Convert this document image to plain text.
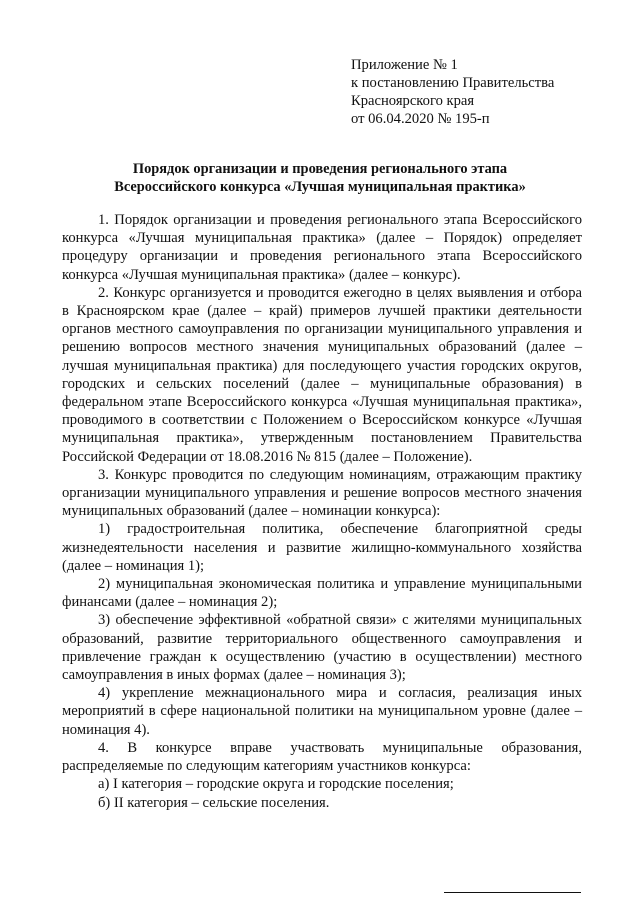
Приложение № 1
к постановлению Правительства
Красноярского края
от 06.04.2020 № 195-п
Порядок организации и проведения регионального этапа
Всероссийского конкурса «Лучшая муниципальная практика»

1. Порядок организации и проведения регионального этапа Всероссийского конкурса «Лучшая муниципальная практика» (далее – Порядок) определяет процедуру организации и проведения регионального этапа Всероссийского конкурса «Лучшая муниципальная практика» (далее – конкурс).

2. Конкурс организуется и проводится ежегодно в целях выявления и отбора в Красноярском крае (далее – край) примеров лучшей практики деятельности органов местного самоуправления по организации муниципального управления и решению вопросов местного значения муниципальных образований (далее – лучшая муниципальная практика) для последующего участия городских округов, городских и сельских поселений (далее – муниципальные образования) в федеральном этапе Всероссийского конкурса «Лучшая муниципальная практика», проводимого в соответствии с Положением о Всероссийском конкурсе «Лучшая муниципальная практика», утвержденным постановлением Правительства Российской Федерации от 18.08.2016 № 815 (далее – Положение).

3. Конкурс проводится по следующим номинациям, отражающим практику организации муниципального управления и решение вопросов местного значения муниципальных образований (далее – номинации конкурса):

1) градостроительная политика, обеспечение благоприятной среды жизнедеятельности населения и развитие жилищно-коммунального хозяйства (далее – номинация 1);

2) муниципальная экономическая политика и управление муниципальными финансами (далее – номинация 2);

3) обеспечение эффективной «обратной связи» с жителями муниципальных образований, развитие территориального общественного самоуправления и привлечение граждан к осуществлению (участию в осуществлении) местного самоуправления в иных формах (далее – номинация 3);

4) укрепление межнационального мира и согласия, реализация иных мероприятий в сфере национальной политики на муниципальном уровне (далее – номинация 4).

4. В конкурсе вправе участвовать муниципальные образования, распределяемые по следующим категориям участников конкурса:

а) I категория – городские округа и городские поселения;

б) II категория – сельские поселения.
